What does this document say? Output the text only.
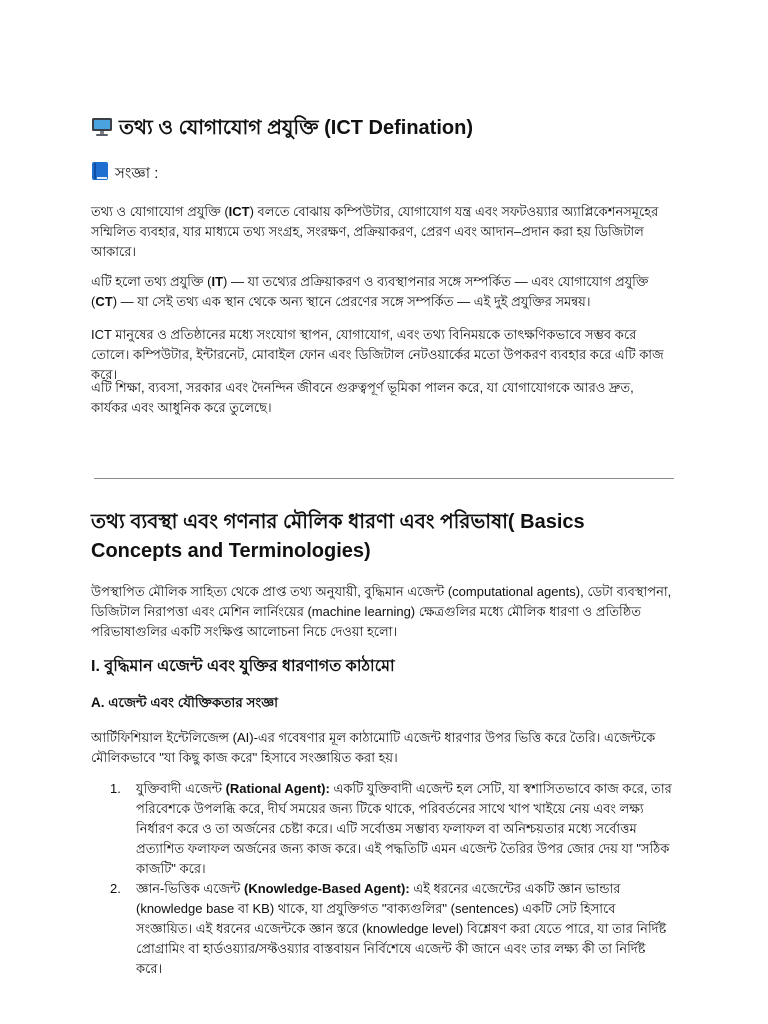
তথ্য ও যোগাযোগ প্রযুক্তি (ICT Defination)
সংজ্ঞা :

তথ্য ও যোগাযোগ প্রযুক্তি (ICT) বলতে বোঝায় কম্পিউটার, যোগাযোগ যন্ত্র এবং সফটওয়্যার অ্যাপ্লিকেশনসমূহের সম্মিলিত ব্যবহার, যার মাধ্যমে তথ্য সংগ্রহ, সংরক্ষণ, প্রক্রিয়াকরণ, প্রেরণ এবং আদান–প্রদান করা হয় ডিজিটাল আকারে।

এটি হলো তথ্য প্রযুক্তি (IT) — যা তথ্যের প্রক্রিয়াকরণ ও ব্যবস্থাপনার সঙ্গে সম্পর্কিত — এবং যোগাযোগ প্রযুক্তি (CT) — যা সেই তথ্য এক স্থান থেকে অন্য স্থানে প্রেরণের সঙ্গে সম্পর্কিত — এই দুই প্রযুক্তির সমন্বয়।

ICT মানুষের ও প্রতিষ্ঠানের মধ্যে সংযোগ স্থাপন, যোগাযোগ, এবং তথ্য বিনিময়কে তাৎক্ষণিকভাবে সম্ভব করে তোলে। কম্পিউটার, ইন্টারনেট, মোবাইল ফোন এবং ডিজিটাল নেটওয়ার্কের মতো উপকরণ ব্যবহার করে এটি কাজ করে।

এটি শিক্ষা, ব্যবসা, সরকার এবং দৈনন্দিন জীবনে গুরুত্বপূর্ণ ভূমিকা পালন করে, যা যোগাযোগকে আরও দ্রুত, কার্যকর এবং আধুনিক করে তুলেছে।

তথ্য ব্যবস্থা এবং গণনার মৌলিক ধারণা এবং পরিভাষা( Basics Concepts and Terminologies)

উপস্থাপিত মৌলিক সাহিত্য থেকে প্রাপ্ত তথ্য অনুযায়ী, বুদ্ধিমান এজেন্ট (computational agents), ডেটা ব্যবস্থাপনা, ডিজিটাল নিরাপত্তা এবং মেশিন লার্নিংয়ের (machine learning) ক্ষেত্রগুলির মধ্যে মৌলিক ধারণা ও প্রতিষ্ঠিত পরিভাষাগুলির একটি সংক্ষিপ্ত আলোচনা নিচে দেওয়া হলো।

I. বুদ্ধিমান এজেন্ট এবং যুক্তির ধারণাগত কাঠামো
A. এজেন্ট এবং যৌক্তিকতার সংজ্ঞা

আর্টিফিশিয়াল ইন্টেলিজেন্স (AI)-এর গবেষণার মূল কাঠামোটি এজেন্ট ধারণার উপর ভিত্তি করে তৈরি। এজেন্টকে মৌলিকভাবে "যা কিছু কাজ করে" হিসাবে সংজ্ঞায়িত করা হয়।

1. যুক্তিবাদী এজেন্ট (Rational Agent): একটি যুক্তিবাদী এজেন্ট হল সেটি, যা স্বশাসিতভাবে কাজ করে, তার পরিবেশকে উপলব্ধি করে, দীর্ঘ সময়ের জন্য টিকে থাকে, পরিবর্তনের সাথে খাপ খাইয়ে নেয় এবং লক্ষ্য নির্ধারণ করে ও তা অর্জনের চেষ্টা করে। এটি সর্বোত্তম সম্ভাব্য ফলাফল বা অনিশ্চয়তার মধ্যে সর্বোত্তম প্রত্যাশিত ফলাফল অর্জনের জন্য কাজ করে। এই পদ্ধতিটি এমন এজেন্ট তৈরির উপর জোর দেয় যা "সঠিক কাজটি" করে।
2. জ্ঞান-ভিত্তিক এজেন্ট (Knowledge-Based Agent): এই ধরনের এজেন্টের একটি জ্ঞান ভান্ডার (knowledge base বা KB) থাকে, যা প্রযুক্তিগত "বাক্যগুলির" (sentences) একটি সেট হিসাবে সংজ্ঞায়িত। এই ধরনের এজেন্টকে জ্ঞান স্তরে (knowledge level) বিশ্লেষণ করা যেতে পারে, যা তার নির্দিষ্ট প্রোগ্রামিং বা হার্ডওয়্যার/সফ্টওয়্যার বাস্তবায়ন নির্বিশেষে এজেন্ট কী জানে এবং তার লক্ষ্য কী তা নির্দিষ্ট করে।
